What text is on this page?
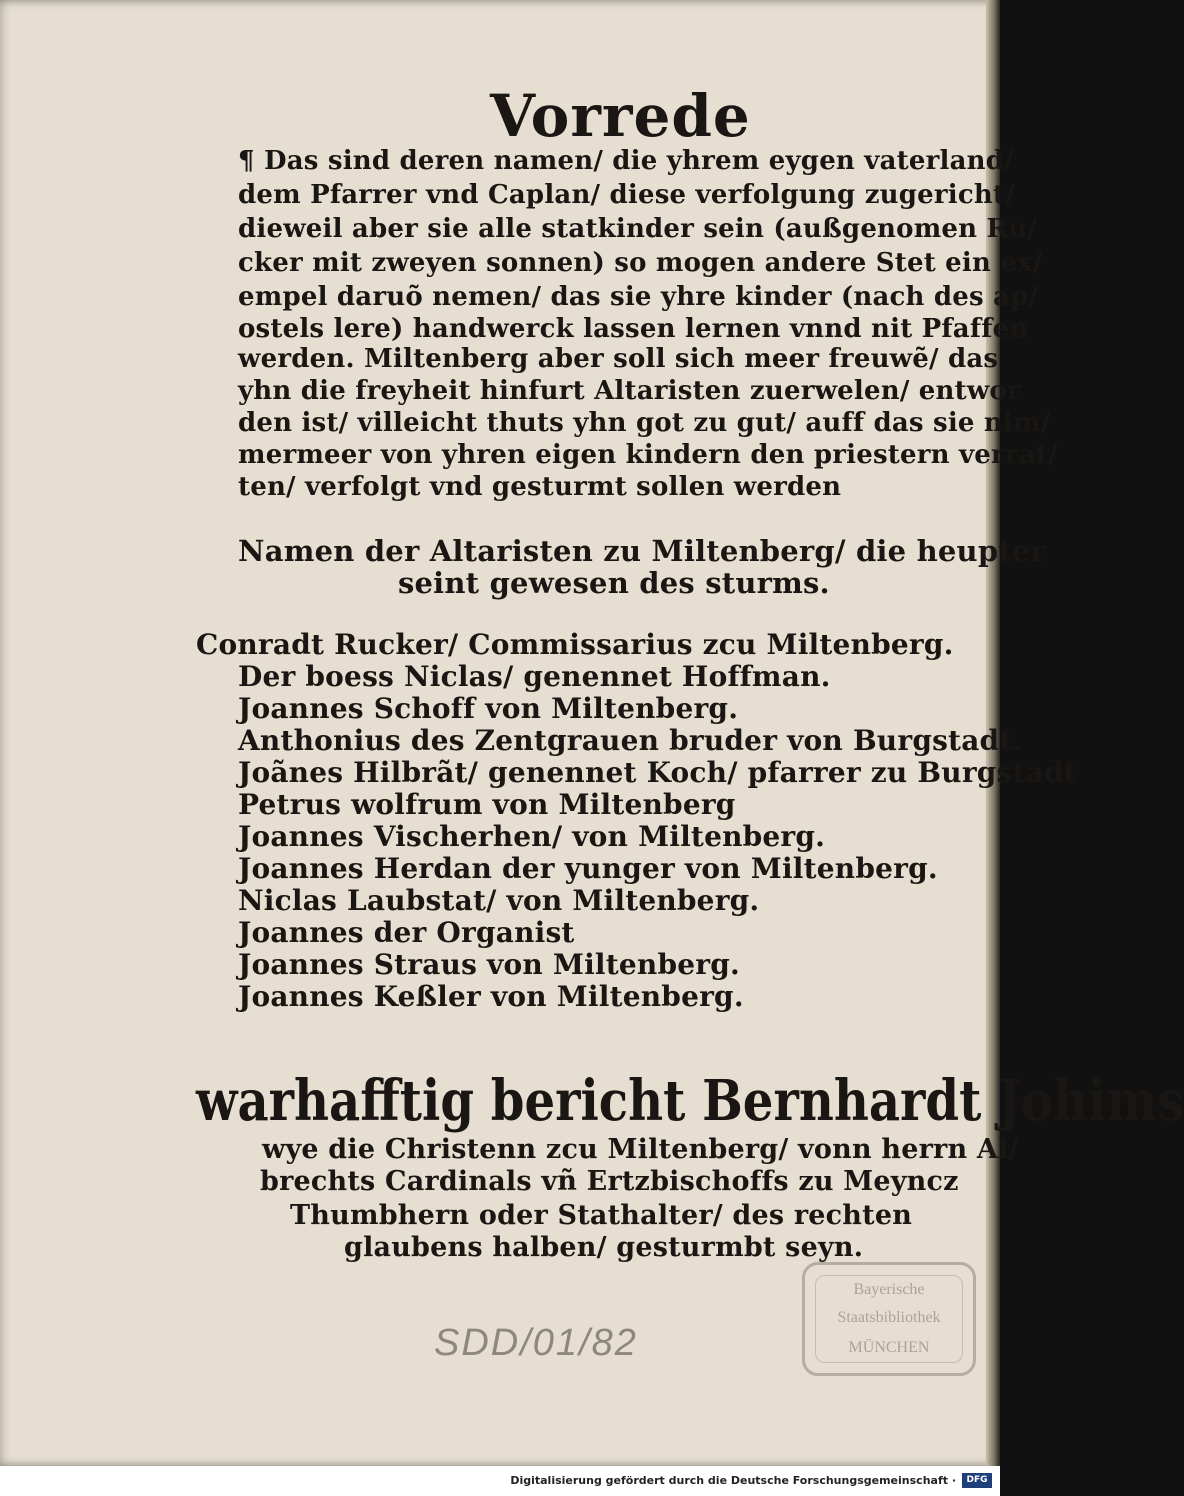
Vorrede
¶ Das sind deren namen/ die yhrem eygen vaterland/
dem Pfarrer vnd Caplan/ diese verfolgung zugericht/
dieweil aber sie alle statkinder sein (außgenomen Ru/
cker mit zweyen sonnen) so mogen andere Stet ein ex/
empel daruõ nemen/ das sie yhre kinder (nach des ap/
ostels lere) handwerck lassen lernen vnnd nit Pfaffen
werden. Miltenberg aber soll sich meer freuwẽ/ das
yhn die freyheit hinfurt Altaristen zuerwelen/ entwor
den ist/ villeicht thuts yhn got zu gut/ auff das sie nim/
mermeer von yhren eigen kindern den priestern verrat/
ten/ verfolgt vnd gesturmt sollen werden
Namen der Altaristen zu Miltenberg/ die heupter
seint gewesen des sturms.
Conradt Rucker/ Commissarius zcu Miltenberg.
Der boess Niclas/ genennet Hoffman.
Joannes Schoff von Miltenberg.
Anthonius des Zentgrauen bruder von Burgstadt.
Joãnes Hilbrãt/ genennet Koch/ pfarrer zu Burgstadt
Petrus wolfrum von Miltenberg
Joannes Vischerhen/ von Miltenberg.
Joannes Herdan der yunger von Miltenberg.
Niclas Laubstat/ von Miltenberg.
Joannes der Organist
Joannes Straus von Miltenberg.
Joannes Keßler von Miltenberg.
warhafftig bericht Bernhardt Johims
wye die Christenn zcu Miltenberg/ vonn herrn Al/
brechts Cardinals vñ Ertzbischoffs zu Meyncz
Thumbhern oder Stathalter/ des rechten
glaubens halben/ gesturmbt seyn.
Bayerische
Staatsbibliothek
MÜNCHEN
SDD/01/82
Digitalisierung gefördert durch die Deutsche Forschungsgemeinschaft ·	DFG
